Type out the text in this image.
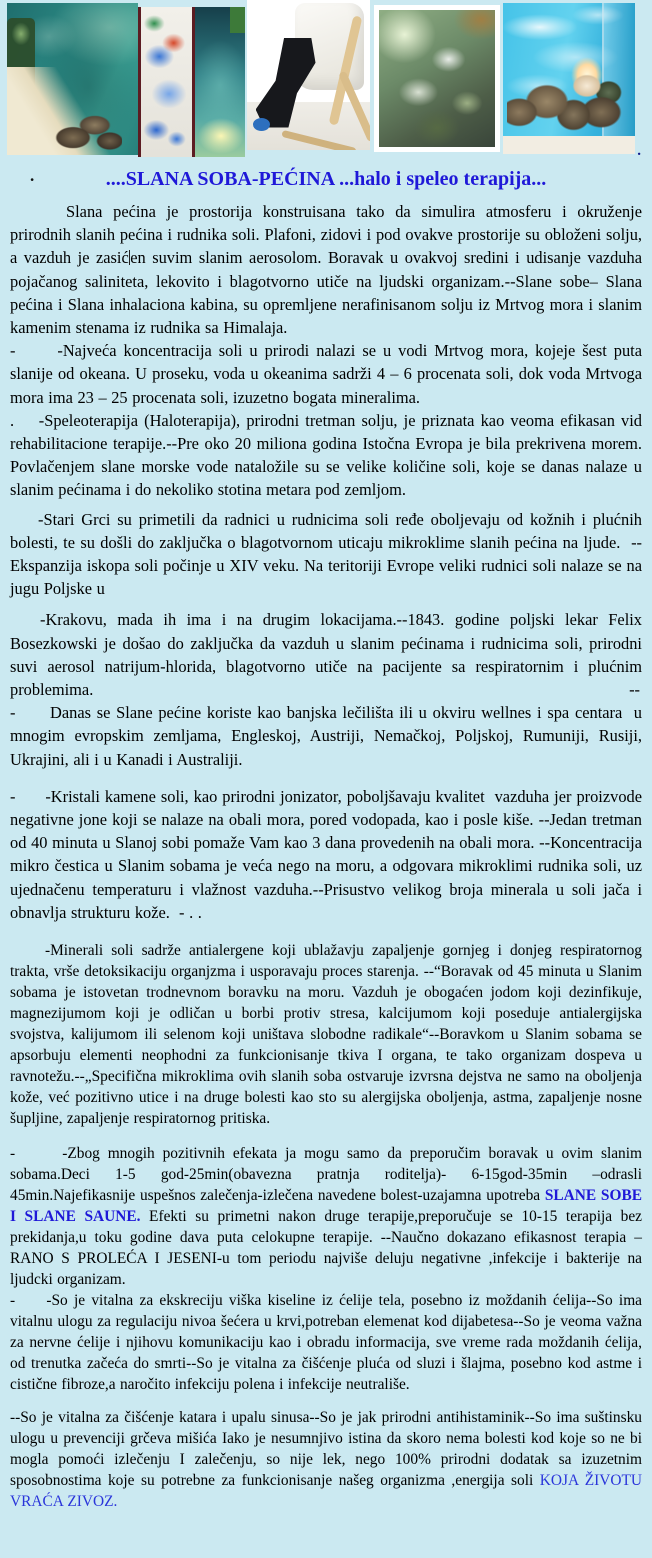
.
.	....SLANA SOBA-PEĆINA ...halo i speleo terapija...

Slana pećina je prostorija konstruisana tako da simulira atmosferu i okruženje prirodnih slanih pećina i rudnika soli. Plafoni, zidovi i pod ovakve prostorije su obloženi solju, a vazduh je zasićen suvim slanim aerosolom. Boravak u ovakvoj sredini i udisanje vazduha pojačanog saliniteta, lekovito i blagotvorno utiče na ljudski organizam.--Slane sobe– Slana pećina i Slana inhalaciona kabina, su opremljene nerafinisanom solju iz Mrtvog mora i slanim kamenim stenama iz rudnika sa Himalaja.

-      -Najveća koncentracija soli u prirodi nalazi se u vodi Mrtvog mora, kojeje šest puta slanije od okeana. U proseku, voda u okeanima sadrži 4 – 6 procenata soli, dok voda Mrtvoga mora ima 23 – 25 procenata soli, izuzetno bogata mineralima.

.    -Speleoterapija (Haloterapija), prirodni tretman solju, je priznata kao veoma efikasan vid rehabilitacione terapije.--Pre oko 20 miliona godina Istočna Evropa je bila prekrivena morem. Povlačenjem slane morske vode nataložile su se velike količine soli, koje se danas nalaze u slanim pećinama i do nekoliko stotina metara pod zemljom.

-Stari Grci su primetili da radnici u rudnicima soli ređe oboljevaju od kožnih i plućnih bolesti, te su došli do zaključka o blagotvornom uticaju mikroklime slanih pećina na ljude.  --Ekspanzija iskopa soli počinje u XIV veku. Na teritoriji Evrope veliki rudnici soli nalaze se na jugu Poljske u

-Krakovu, mada ih ima i na drugim lokacijama.--1843. godine poljski lekar Felix Bosezkowski je došao do zaključka da vazduh u slanim pećinama i rudnicima soli, prirodni suvi aerosol natrijum-hlorida, blagotvorno utiče na pacijente sa respiratornim i plućnim problemima.	--

-      Danas se Slane pećine koriste kao banjska lečilišta ili u okviru wellnes i spa centara  u mnogim evropskim zemljama, Engleskoj, Austriji, Nemačkoj, Poljskoj, Rumuniji, Rusiji, Ukrajini, ali i u Kanadi i Australiji.

-      -Kristali kamene soli, kao prirodni jonizator, poboljšavaju kvalitet  vazduha jer proizvode negativne jone koji se nalaze na obali mora, pored vodopada, kao i posle kiše. --Jedan tretman od 40 minuta u Slanoj sobi pomaže Vam kao 3 dana provedenih na obali mora. --Koncentracija mikro čestica u Slanim sobama je veća nego na moru, a odgovara mikroklimi rudnika soli, uz ujednačenu temperaturu i vlažnost vazduha.--Prisustvo velikog broja minerala u soli jača i obnavlja strukturu kože.  - . .

-Minerali soli sadrže antialergene koji ublažavju zapaljenje gornjeg i donjeg respiratornog trakta, vrše detoksikaciju organjzma i usporavaju proces starenja. --“Boravak od 45 minuta u Slanim sobama je istovetan trodnevnom boravku na moru. Vazduh je obogaćen jodom koji dezinfikuje, magnezijumom koji je odličan u borbi protiv stresa, kalcijumom koji poseduje antialergijska svojstva, kalijumom ili selenom koji uništava slobodne radikale“--Boravkom u Slanim sobama se apsorbuju elementi neophodni za funkcionisanje tkiva I organa, te tako organizam dospeva u ravnotežu.--„Specifična mikroklima ovih slanih soba ostvaruje izvrsna dejstva ne samo na oboljenja kože, već pozitivno utice i na druge bolesti kao sto su alergijska oboljenja, astma, zapaljenje nosne šupljine, zapaljenje respiratornog pritiska.

-      -Zbog mnogih pozitivnih efekata ja mogu samo da preporučim boravak u ovim slanim sobama.Deci 1-5 god-25min(obavezna pratnja roditelja)- 6-15god-35min –odrasli 45min.Najefikasnije uspešnos zalečenja-izlečena navedene bolest-uzajamna upotreba SLANE SOBE I SLANE SAUNE. Efekti su primetni nakon druge terapije,preporučuje se 10-15 terapija bez prekidanja,u toku godine dava puta celokupne terapije. --Naučno dokazano efikasnost terapia –RANO S PROLEĆA I JESENI-u tom periodu najviše deluju negativne ,infekcije i bakterije na ljudcki organizam.

-     -So je vitalna za ekskreciju viška kiseline iz ćelije tela, posebno iz moždanih ćelija--So ima vitalnu ulogu za regulaciju nivoa šećera u krvi,potreban elemenat kod dijabetesa--So je veoma važna za nervne ćelije i njihovu komunikaciju kao i obradu informacija, sve vreme rada moždanih ćelija, od trenutka začeća do smrti--So je vitalna za čišćenje pluća od sluzi i šlajma, posebno kod astme i cistične fibroze,a naročito infekciju polena i infekcije neutrališe.

--So je vitalna za čišćenje katara i upalu sinusa--So je jak prirodni antihistaminik--So ima suštinsku ulogu u prevenciji grčeva mišića Iako je nesumnjivo istina da skoro nema bolesti kod koje so ne bi mogla pomoći izlečenju I zalečenju, so nije lek, nego 100% prirodni dodatak sa izuzetnim sposobnostima koje su potrebne za funkcionisanje našeg organizma ,energija soli KOJA ŽIVOTU VRAĆA ZIVOZ.
